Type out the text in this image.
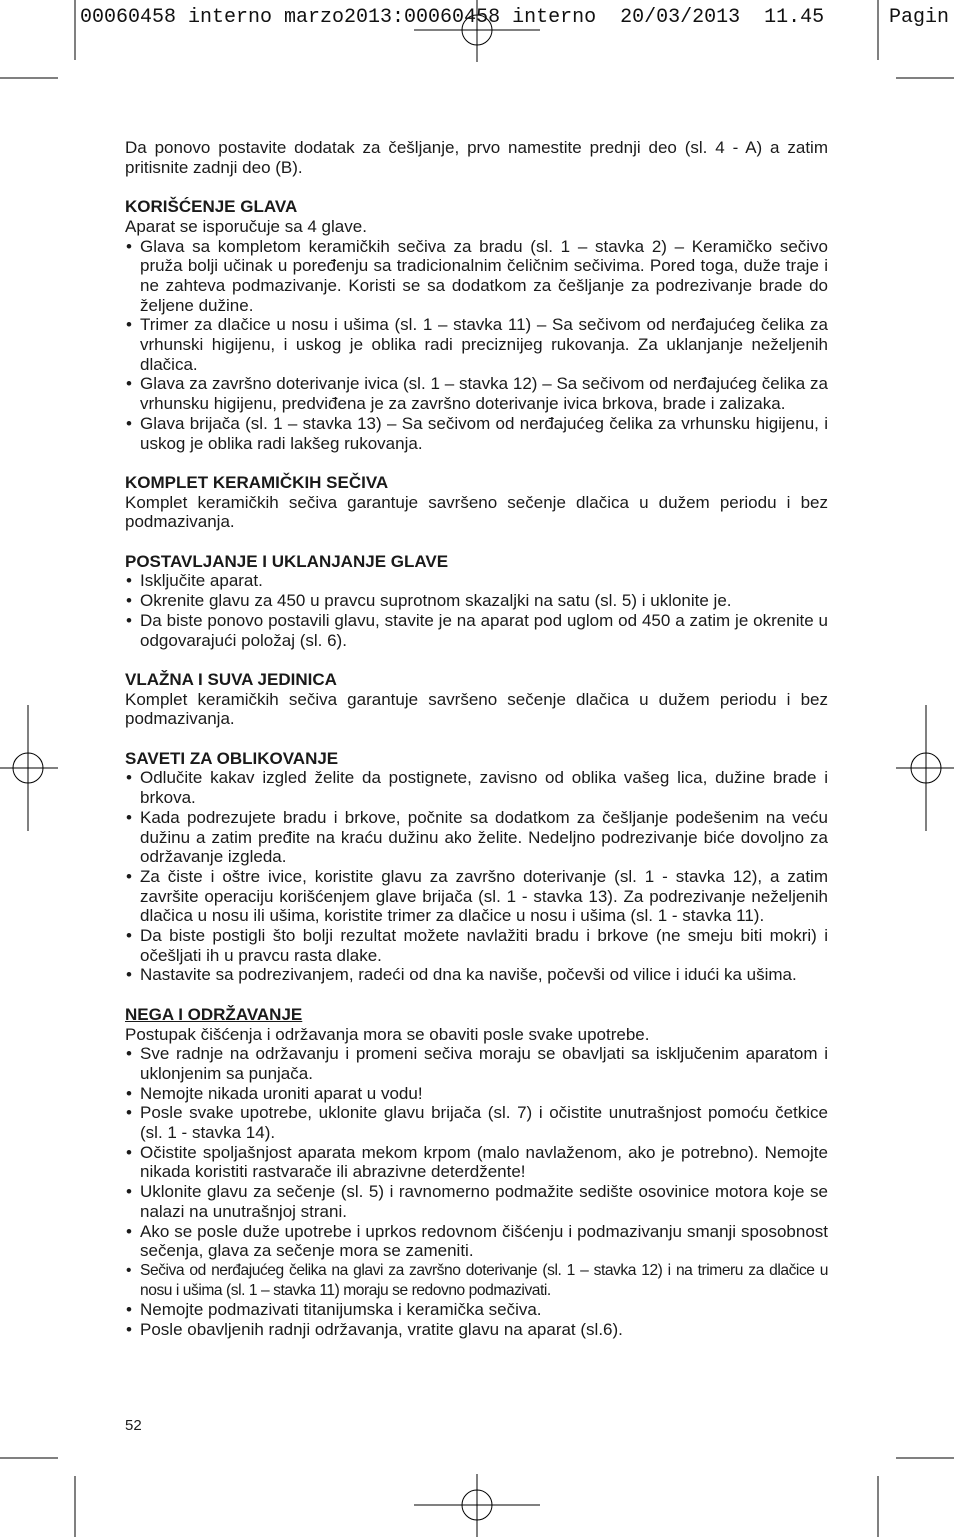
00060458 interno marzo2013:00060458 interno  20/03/2013  11.45	Pagin

Da ponovo postavite dodatak za češljanje, prvo namestite prednji deo (sl. 4 - A) a zatim pritisnite zadnji deo (B).

KORIŠĆENJE GLAVA

Aparat se isporučuje sa 4 glave.

• Glava sa kompletom keramičkih sečiva za bradu (sl. 1 – stavka 2) – Keramičko sečivo pruža bolji učinak u poređenju sa tradicionalnim čeličnim sečivima. Pored toga, duže traje i ne zahteva podmazivanje. Koristi se sa dodatkom za češljanje za podrezivanje brade do željene dužine.
• Trimer za dlačice u nosu i ušima (sl. 1 – stavka 11) – Sa sečivom od nerđajućeg čelika za vrhunski higijenu, i uskog je oblika radi preciznijeg rukovanja. Za uklanjanje neželjenih dlačica.
• Glava za završno doterivanje ivica (sl. 1 – stavka 12) – Sa sečivom od nerđajućeg čelika za vrhunsku higijenu, predviđena je za završno doterivanje ivica brkova, brade i zalizaka.
• Glava brijača (sl. 1 – stavka 13) – Sa sečivom od nerđajućeg čelika za vrhunsku higijenu, i uskog je oblika radi lakšeg rukovanja.
KOMPLET KERAMIČKIH SEČIVA

Komplet keramičkih sečiva garantuje savršeno sečenje dlačica u dužem periodu i bez podmazivanja.

POSTAVLJANJE I UKLANJANJE GLAVE
• Isključite aparat.
• Okrenite glavu za 450 u pravcu suprotnom skazaljki na satu (sl. 5) i uklonite je.
• Da biste ponovo postavili glavu, stavite je na aparat pod uglom od 450 a zatim je okrenite u odgovarajući položaj (sl. 6).
VLAŽNA I SUVA JEDINICA

Komplet keramičkih sečiva garantuje savršeno sečenje dlačica u dužem periodu i bez podmazivanja.

SAVETI ZA OBLIKOVANJE
• Odlučite kakav izgled želite da postignete, zavisno od oblika vašeg lica, dužine brade i brkova.
• Kada podrezujete bradu i brkove, počnite sa dodatkom za češljanje podešenim na veću dužinu a zatim pređite na kraću dužinu ako želite. Nedeljno podrezivanje biće dovoljno za održavanje izgleda.
• Za čiste i oštre ivice, koristite glavu za završno doterivanje (sl. 1 - stavka 12), a zatim završite operaciju korišćenjem glave brijača (sl. 1 - stavka 13). Za podrezivanje neželjenih dlačica u nosu ili ušima, koristite trimer za dlačice u nosu i ušima (sl. 1 - stavka 11).
• Da biste postigli što bolji rezultat možete navlažiti bradu i brkove (ne smeju biti mokri) i očešljati ih u pravcu rasta dlake.
• Nastavite sa podrezivanjem, radeći od dna ka naviše, počevši od vilice i idući ka ušima.
NEGA I ODRŽAVANJE

Postupak čišćenja i održavanja mora se obaviti posle svake upotrebe.

• Sve radnje na održavanju i promeni sečiva moraju se obavljati sa isključenim aparatom i uklonjenim sa punjača.
• Nemojte nikada uroniti aparat u vodu!
• Posle svake upotrebe, uklonite glavu brijača (sl. 7) i očistite unutrašnjost pomoću četkice (sl. 1 - stavka 14).
• Očistite spoljašnjost aparata mekom krpom (malo navlaženom, ako je potrebno). Nemojte nikada koristiti rastvarače ili abrazivne deterdžente!
• Uklonite glavu za sečenje (sl. 5) i ravnomerno podmažite sedište osovinice motora koje se nalazi na unutrašnjoj strani.
• Ako se posle duže upotrebe i uprkos redovnom čišćenju i podmazivanju smanji sposobnost sečenja, glava za sečenje mora se zameniti.
• Sečiva od nerđajućeg čelika na glavi za završno doterivanje (sl. 1 – stavka 12) i na trimeru za dlačice u nosu i ušima (sl. 1 – stavka 11) moraju se redovno podmazivati.
• Nemojte podmazivati titanijumska i keramička sečiva.
• Posle obavljenih radnji održavanja, vratite glavu na aparat (sl.6).
52
